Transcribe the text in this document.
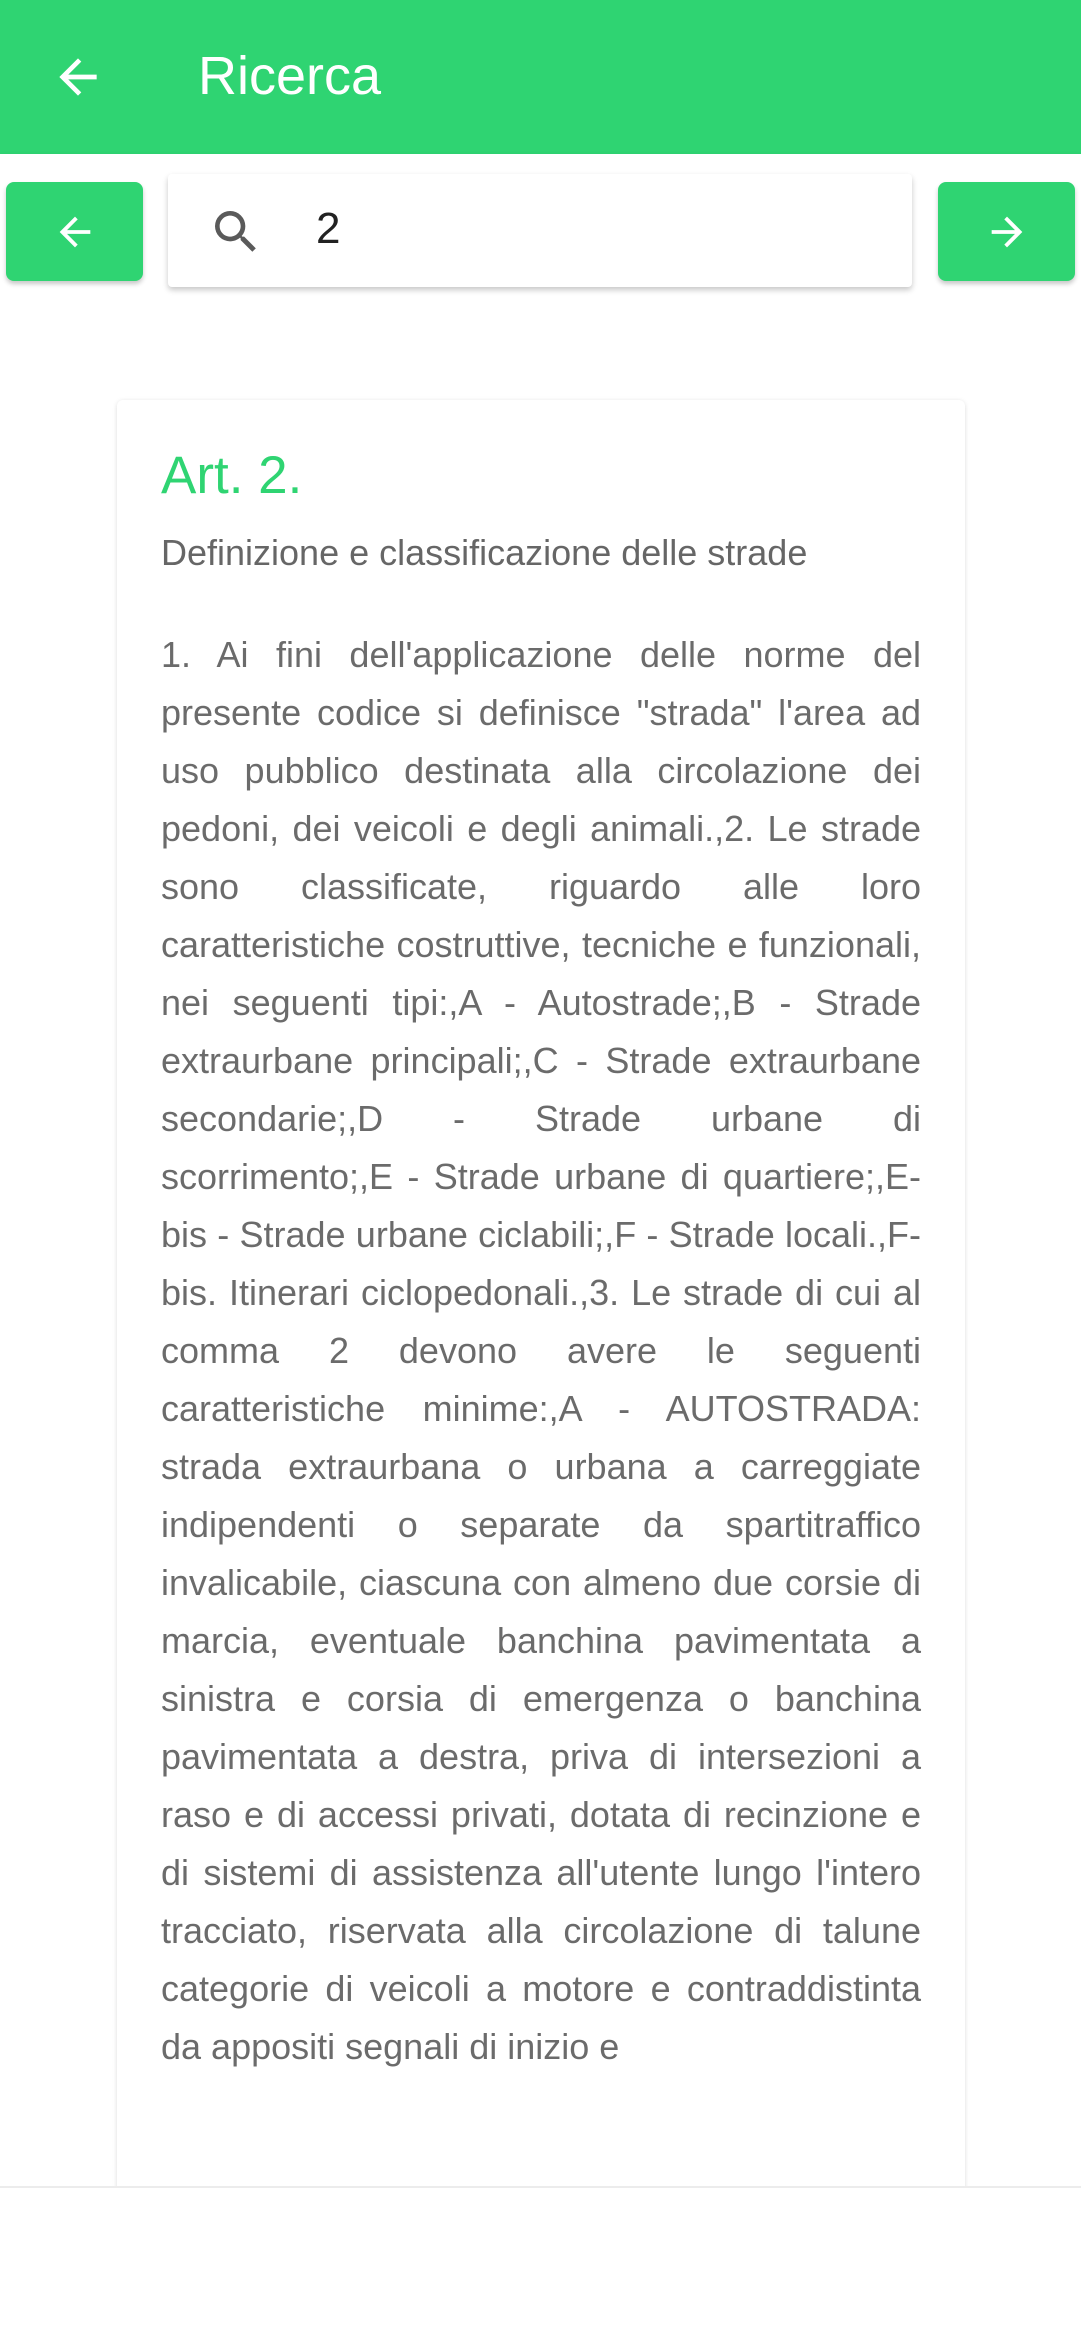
Ricerca
2
Art. 2.
Definizione e classificazione delle strade
1. Ai fini dell'applicazione delle norme del presente codice si definisce "strada" l'area ad uso pubblico destinata alla circolazione dei pedoni, dei veicoli e degli animali.,2. Le strade sono classificate, riguardo alle loro caratteristiche costruttive, tecniche e funzionali, nei seguenti tipi:,A - Autostrade;,B - Strade extraurbane principali;,C - Strade extraurbane secondarie;,D - Strade urbane di scorrimento;,E - Strade urbane di quartiere;,E-bis - Strade urbane ciclabili;,F - Strade locali.,F-bis. Itinerari ciclopedonali.,3. Le strade di cui al comma 2 devono avere le seguenti caratteristiche minime:,A - AUTOSTRADA: strada extraurbana o urbana a carreggiate indipendenti o separate da spartitraffico invalicabile, ciascuna con almeno due corsie di marcia, eventuale banchina pavimentata a sinistra e corsia di emergenza o banchina pavimentata a destra, priva di intersezioni a raso e di accessi privati, dotata di recinzione e di sistemi di assistenza all'utente lungo l'intero tracciato, riservata alla circolazione di talune categorie di veicoli a motore e contraddistinta da appositi segnali di inizio e
